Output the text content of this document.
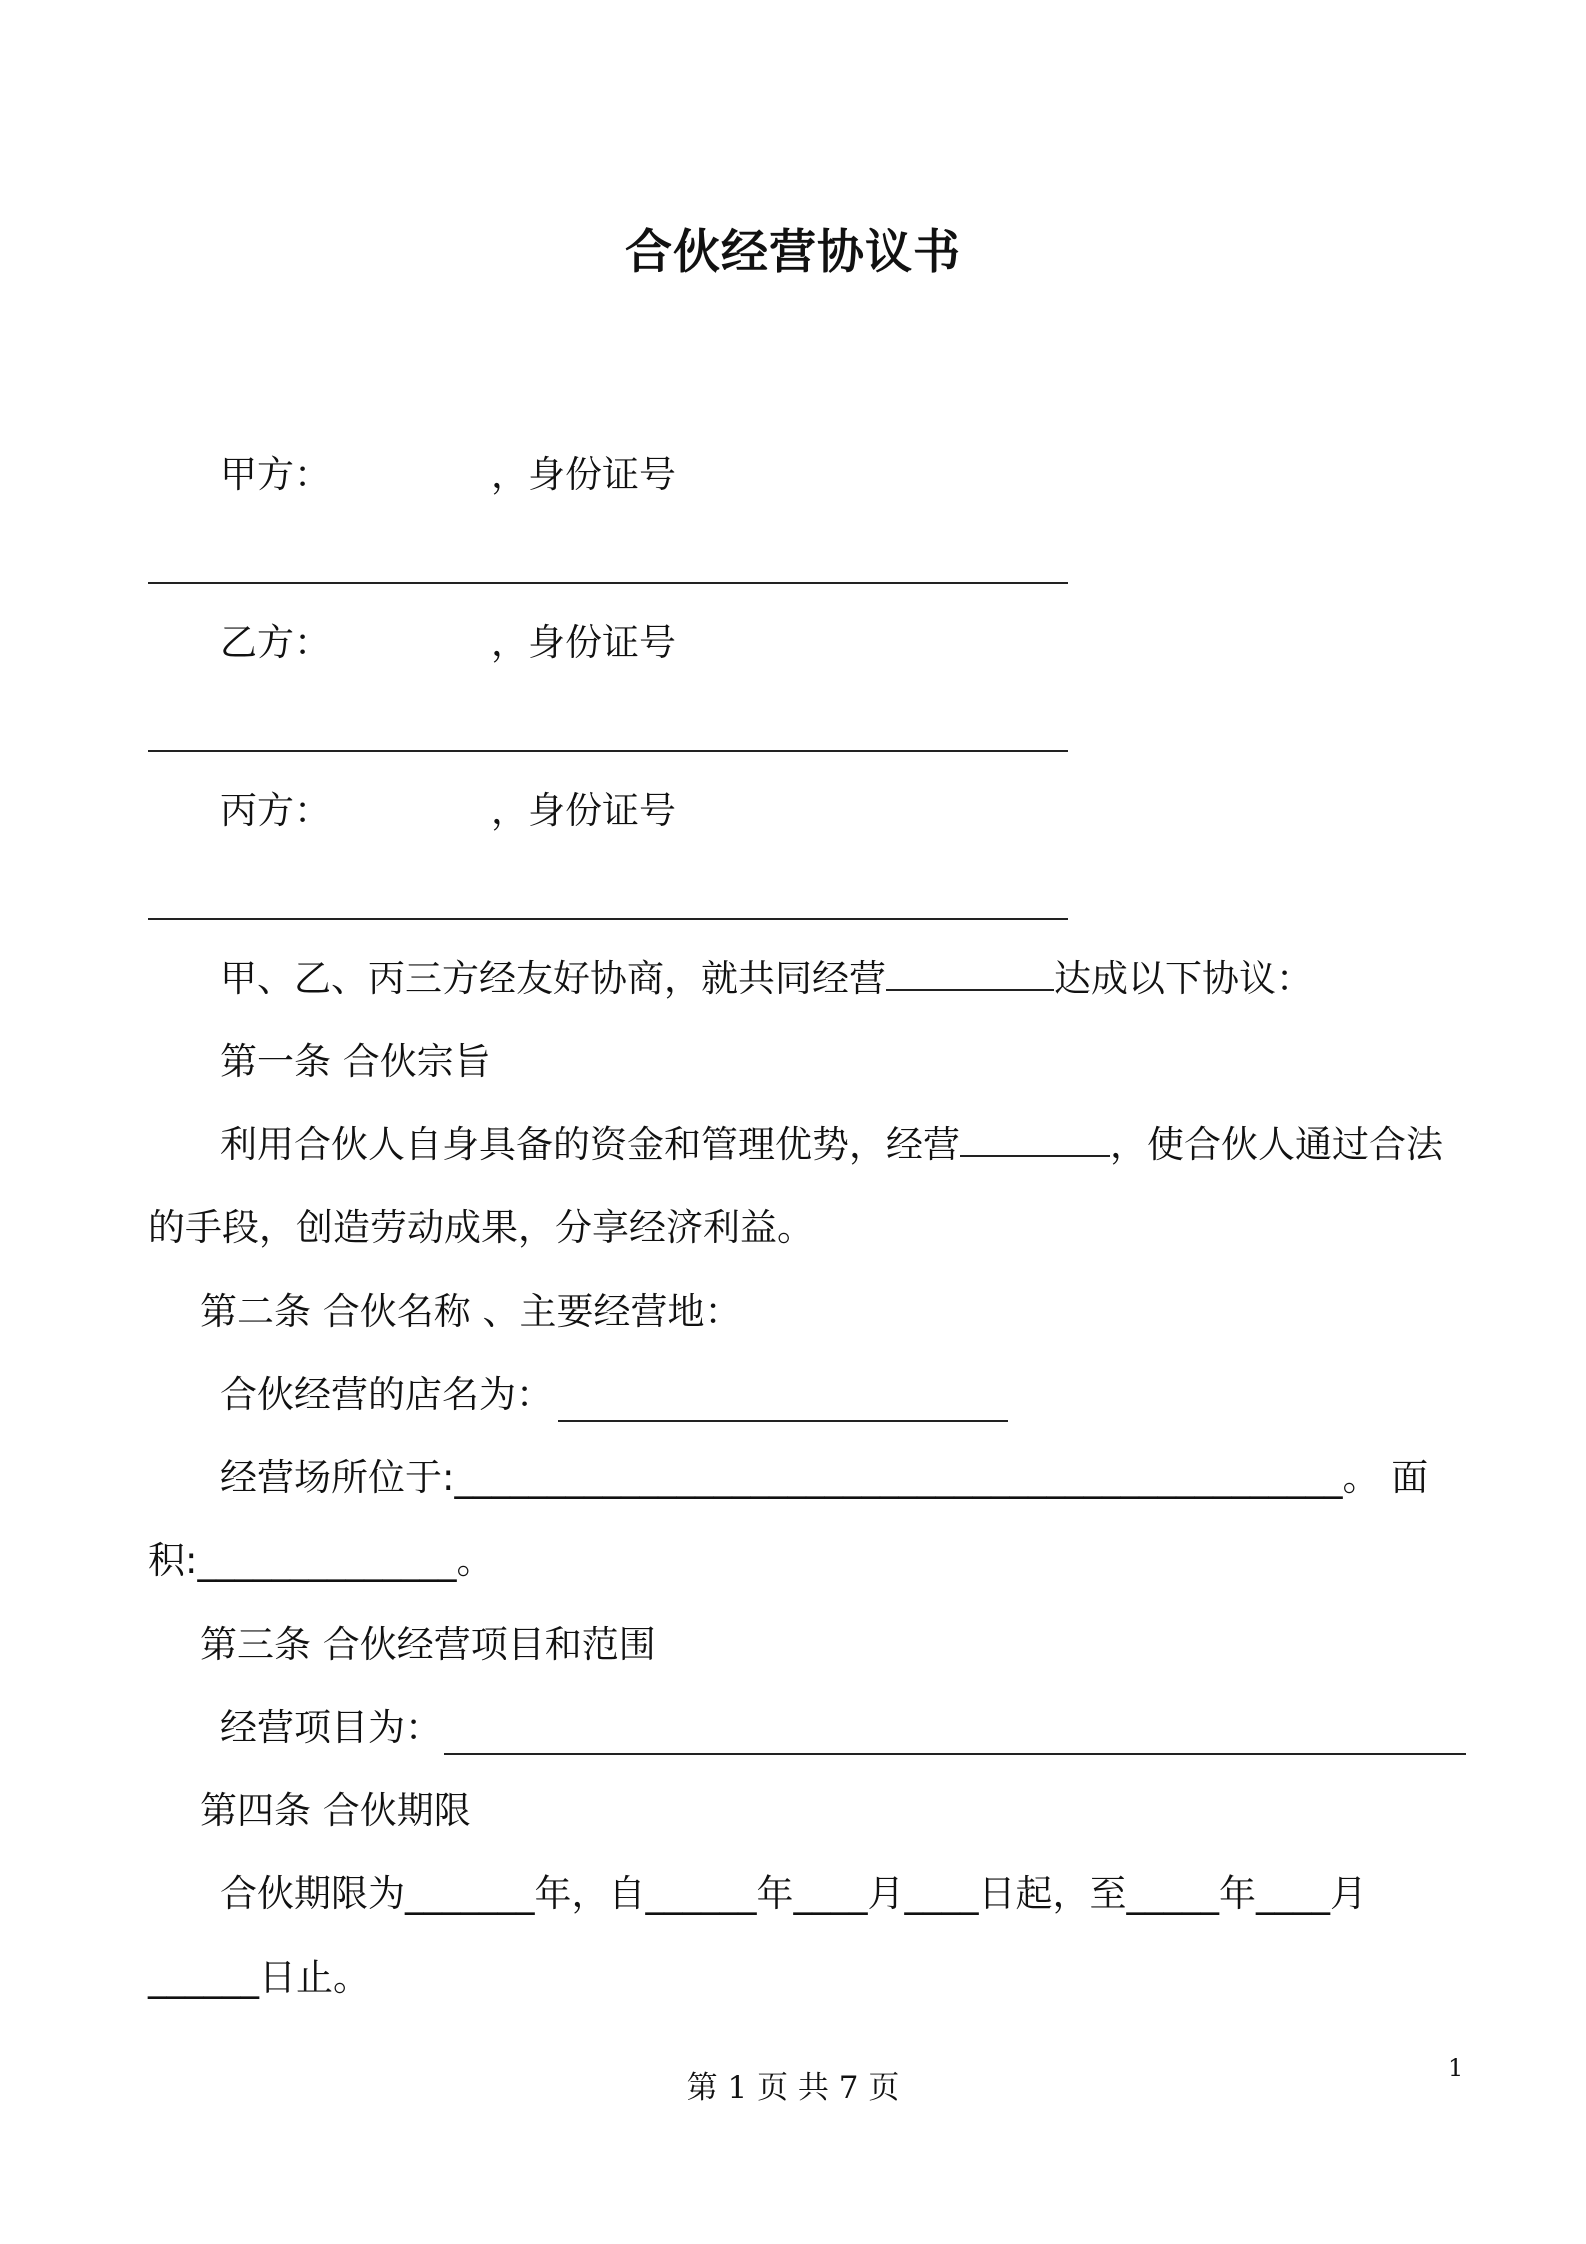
合伙经营协议书
甲方：	，身份证号
乙方：	，身份证号
丙方：	，身份证号
甲、乙、丙三方经友好协商，就共同经营	达成以下协议：
第一条 合伙宗旨
利用合伙人自身具备的资金和管理优势，经营	，使合伙人通过合法
的手段，创造劳动成果，分享经济利益。
第二条 合伙名称 、主要经营地：
合伙经营的店名为：
经营场所位于:________________________________________________。 面
积:______________。
第三条 合伙经营项目和范围
经营项目为：
第四条 合伙期限
合伙期限为_______年，自______年____月____日起，至_____年____月
______日止。
第 1 页 共 7 页
1
